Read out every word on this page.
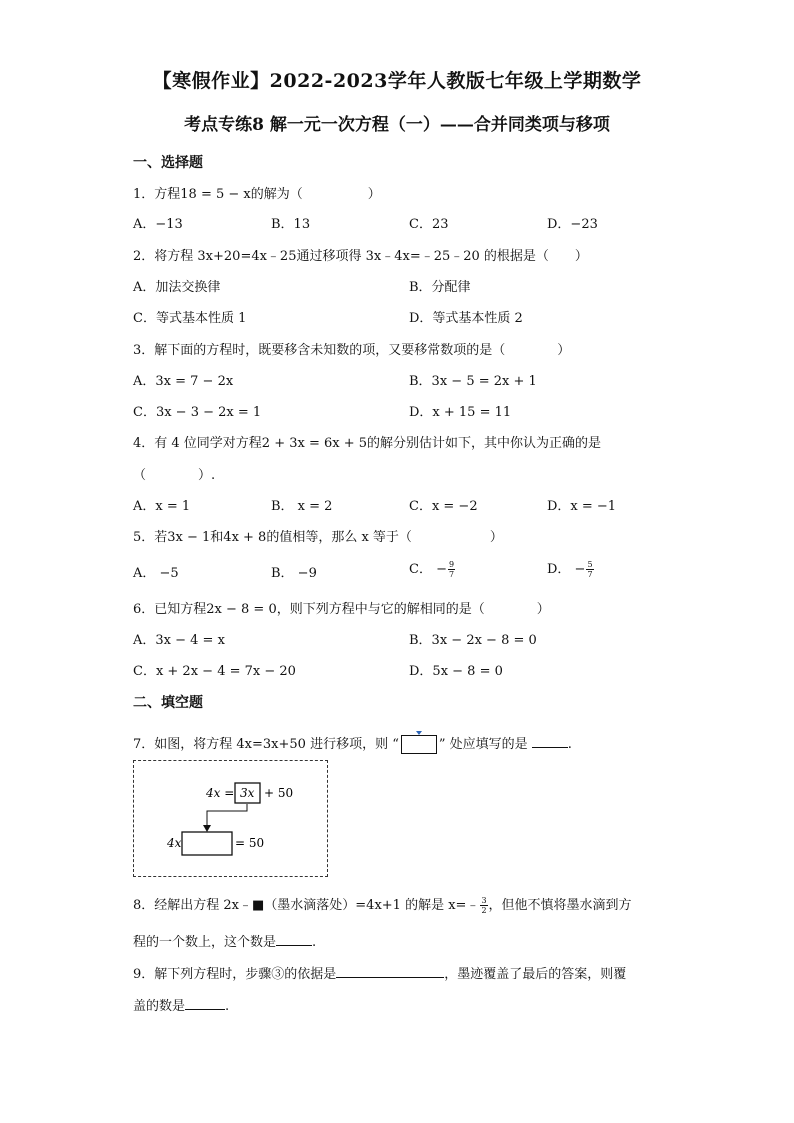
【寒假作业】2022-2023学年人教版七年级上学期数学
考点专练8 解一元一次方程（一）——合并同类项与移项
一、选择题
1．方程18 = 5 − x的解为（　　　　　）
A．−13	B．13	C．23	D．−23
2．将方程 3x+20=4x﹣25通过移项得 3x﹣4x=﹣25﹣20 的根据是（　　）
A．加法交换律	B．分配律
C．等式基本性质 1	D．等式基本性质 2
3．解下面的方程时，既要移含未知数的项，又要移常数项的是（　　　　）
A．3x = 7 − 2x	B．3x − 5 = 2x + 1
C．3x − 3 − 2x = 1	D．x + 15 = 11
4．有 4 位同学对方程2 + 3x = 6x + 5的解分别估计如下，其中你认为正确的是
（　　　　）.
A．x = 1	B． x = 2	C．x = −2	D．x = −1
5．若3x − 1和4x + 8的值相等，那么 x 等于（　　　　　　）
A． −5	B． −9	C． − $\frac{9}{7}$	D． − $\frac{5}{7}$
6．已知方程2x − 8 = 0，则下列方程中与它的解相同的是（　　　　）
A．3x − 4 = x	B．3x − 2x − 8 = 0
C．x + 2x − 4 = 7x − 20	D．5x − 8 = 0
二、填空题
7．如图，将方程 4x=3x+50 进行移项，则 “	” 处应填写的是	.
4x = 3x + 50
4x	= 50
8．经解出方程 2x﹣■（墨水滴落处）=4x+1 的解是 x=﹣ $\frac{3}{2}$ ，但他不慎将墨水滴到方
程的一个数上，这个数是	.
9．解下列方程时，步骤③的依据是	，墨迹覆盖了最后的答案，则覆
盖的数是	.
